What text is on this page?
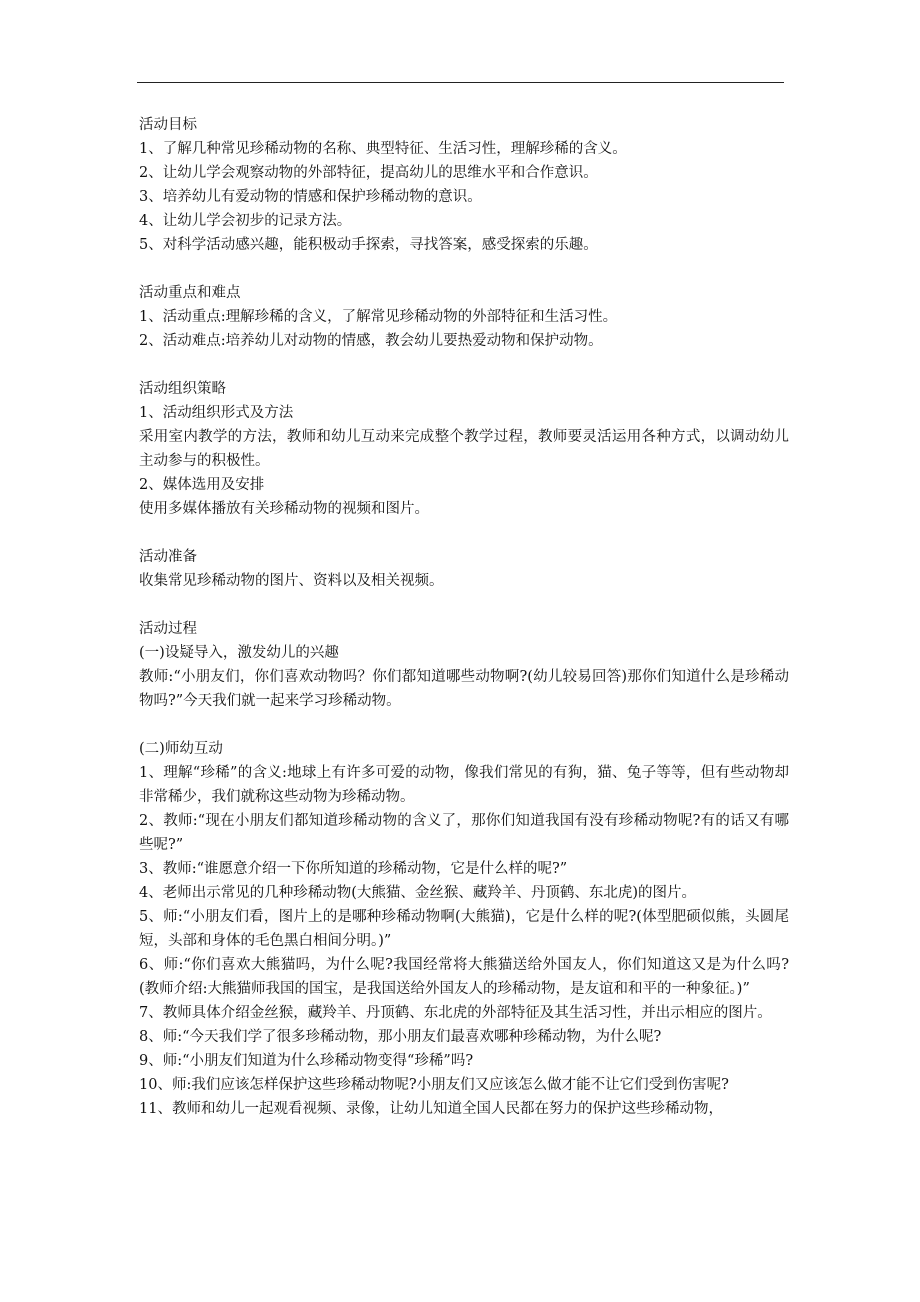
活动目标

1、了解几种常见珍稀动物的名称、典型特征、生活习性，理解珍稀的含义。

2、让幼儿学会观察动物的外部特征，提高幼儿的思维水平和合作意识。

3、培养幼儿有爱动物的情感和保护珍稀动物的意识。

4、让幼儿学会初步的记录方法。

5、对科学活动感兴趣，能积极动手探索，寻找答案，感受探索的乐趣。

活动重点和难点

1、活动重点:理解珍稀的含义，了解常见珍稀动物的外部特征和生活习性。

2、活动难点:培养幼儿对动物的情感，教会幼儿要热爱动物和保护动物。

活动组织策略

1、活动组织形式及方法

采用室内教学的方法，教师和幼儿互动来完成整个教学过程，教师要灵活运用各种方式，以调动幼儿主动参与的积极性。

2、媒体选用及安排

使用多媒体播放有关珍稀动物的视频和图片。

活动准备

收集常见珍稀动物的图片、资料以及相关视频。

活动过程

(一)设疑导入，激发幼儿的兴趣

教师:“小朋友们，你们喜欢动物吗？你们都知道哪些动物啊?(幼儿较易回答)那你们知道什么是珍稀动物吗?”今天我们就一起来学习珍稀动物。

(二)师幼互动

1、理解“珍稀”的含义:地球上有许多可爱的动物，像我们常见的有狗，猫、兔子等等，但有些动物却非常稀少，我们就称这些动物为珍稀动物。

2、教师:“现在小朋友们都知道珍稀动物的含义了，那你们知道我国有没有珍稀动物呢?有的话又有哪些呢?”

3、教师:“谁愿意介绍一下你所知道的珍稀动物，它是什么样的呢?”

4、老师出示常见的几种珍稀动物(大熊猫、金丝猴、藏羚羊、丹顶鹤、东北虎)的图片。

5、师:“小朋友们看，图片上的是哪种珍稀动物啊(大熊猫)，它是什么样的呢?(体型肥硕似熊，头圆尾短，头部和身体的毛色黑白相间分明。)”

6、师:“你们喜欢大熊猫吗，为什么呢?我国经常将大熊猫送给外国友人，你们知道这又是为什么吗?(教师介绍:大熊猫师我国的国宝，是我国送给外国友人的珍稀动物，是友谊和和平的一种象征。)”

7、教师具体介绍金丝猴，藏羚羊、丹顶鹤、东北虎的外部特征及其生活习性，并出示相应的图片。

8、师:“今天我们学了很多珍稀动物，那小朋友们最喜欢哪种珍稀动物，为什么呢?

9、师:“小朋友们知道为什么珍稀动物变得“珍稀”吗?

10、师:我们应该怎样保护这些珍稀动物呢?小朋友们又应该怎么做才能不让它们受到伤害呢?

11、教师和幼儿一起观看视频、录像，让幼儿知道全国人民都在努力的保护这些珍稀动物，
